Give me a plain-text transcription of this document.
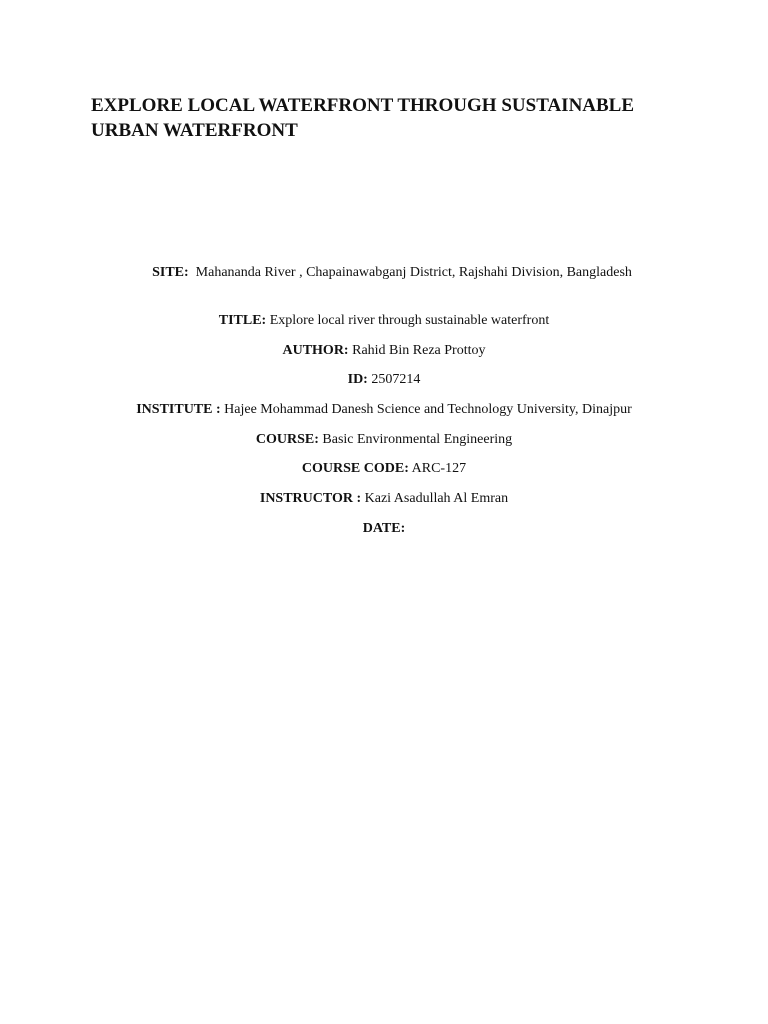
EXPLORE LOCAL WATERFRONT THROUGH SUSTAINABLE
URBAN WATERFRONT
SITE: Mahananda River , Chapainawabganj District, Rajshahi Division, Bangladesh
TITLE: Explore local river through sustainable waterfront
AUTHOR: Rahid Bin Reza Prottoy
ID: 2507214
INSTITUTE : Hajee Mohammad Danesh Science and Technology University, Dinajpur
COURSE: Basic Environmental Engineering
COURSE CODE: ARC-127
INSTRUCTOR : Kazi Asadullah Al Emran
DATE:
